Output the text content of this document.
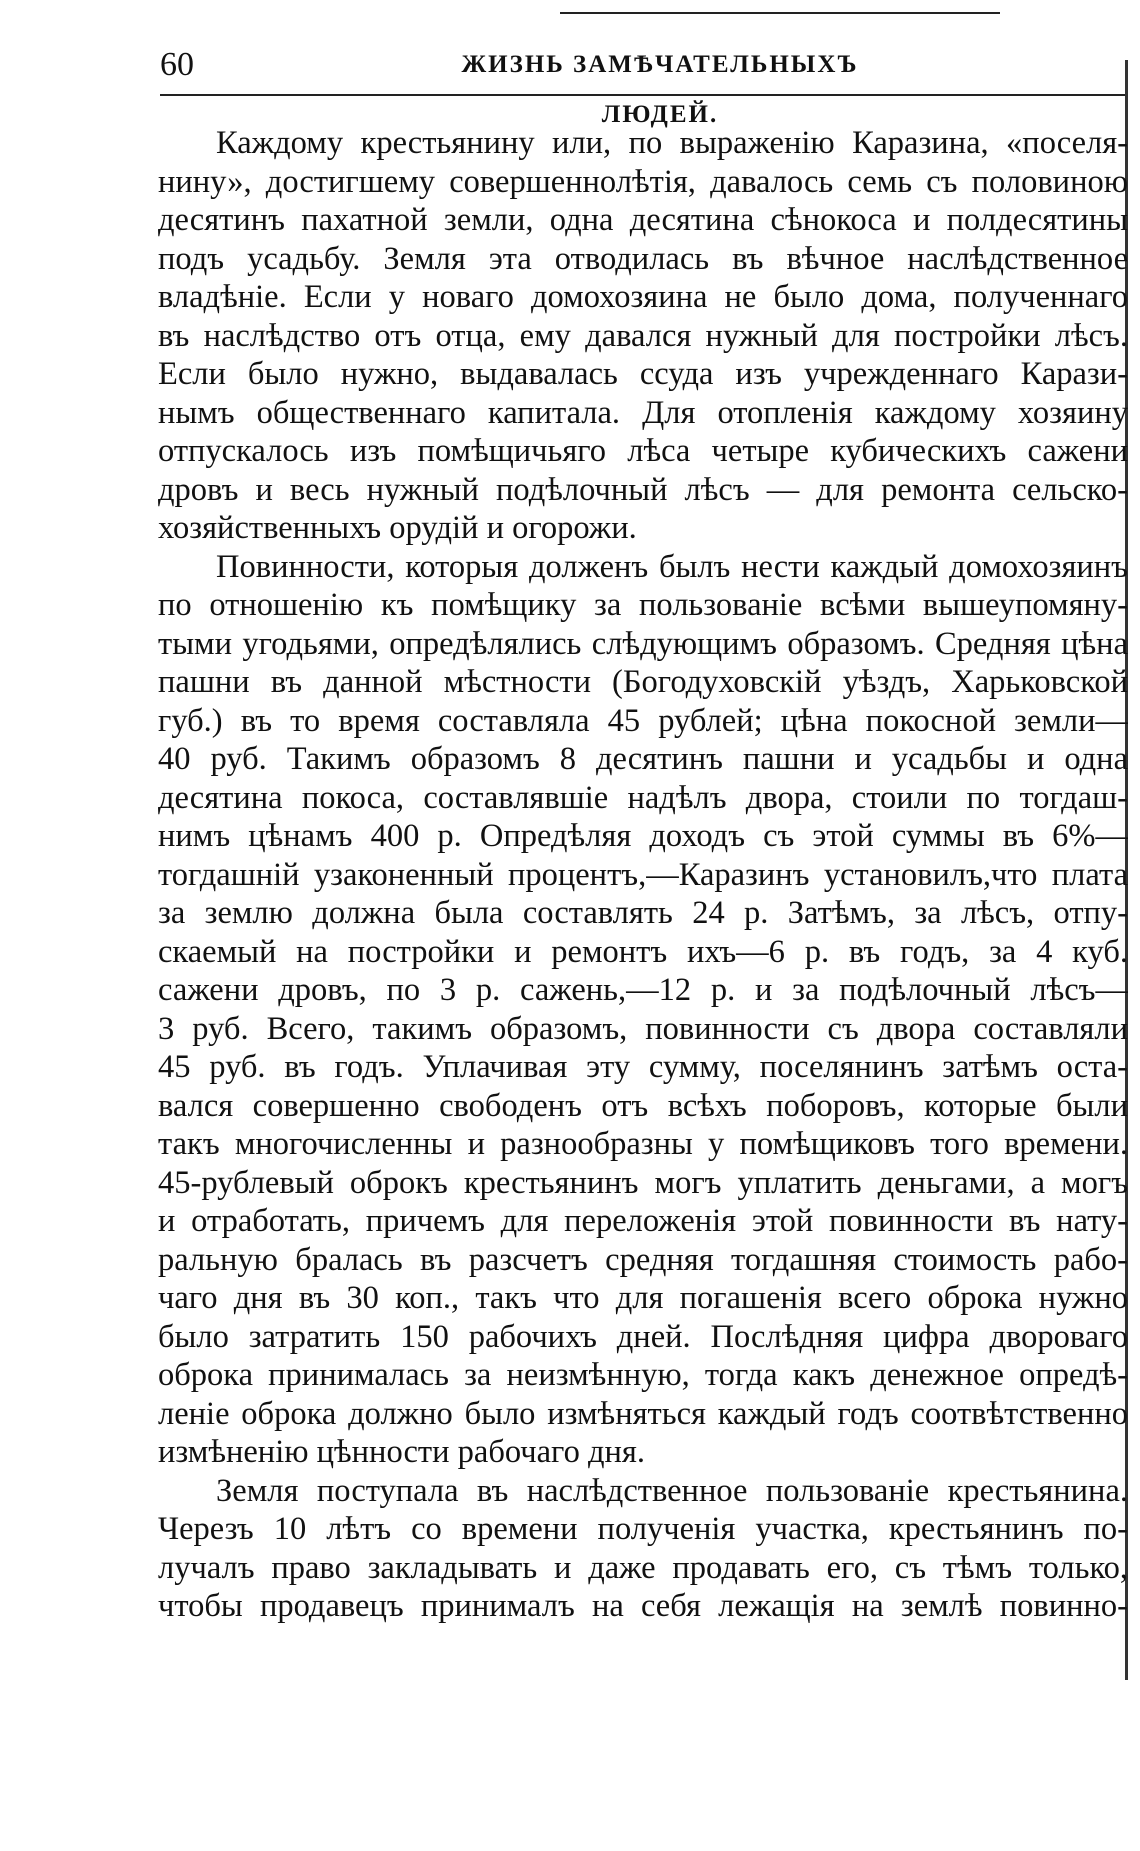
60	ЖИЗНЬ ЗАМѢЧАТЕЛЬНЫХЪ ЛЮДЕЙ.
Каждому крестьянину или, по выраженію Каразина, «поселя-
нину», достигшему совершеннолѣтія, давалось семь съ половиною
десятинъ пахатной земли, одна десятина сѣнокоса и полдесятины
подъ усадьбу. Земля эта отводилась въ вѣчное наслѣдственное
владѣніе. Если у новаго домохозяина не было дома, полученнаго
въ наслѣдство отъ отца, ему давался нужный для постройки лѣсъ.
Если было нужно, выдавалась ссуда изъ учрежденнаго Карази-
нымъ общественнаго капитала. Для отопленія каждому хозяину
отпускалось изъ помѣщичьяго лѣса четыре кубическихъ сажени
дровъ и весь нужный подѣлочный лѣсъ — для ремонта сельско-
хозяйственныхъ орудій и огорожи.
Повинности, которыя долженъ былъ нести каждый домохозяинъ
по отношенію къ помѣщику за пользованіе всѣми вышеупомяну-
тыми угодьями, опредѣлялись слѣдующимъ образомъ. Средняя цѣна
пашни въ данной мѣстности (Богодуховскій уѣздъ, Харьковской
губ.) въ то время составляла 45 рублей; цѣна покосной земли—
40 руб. Такимъ образомъ 8 десятинъ пашни и усадьбы и одна
десятина покоса, составлявшіе надѣлъ двора, стоили по тогдаш-
нимъ цѣнамъ 400 р. Опредѣляя доходъ съ этой суммы въ 6%—
тогдашній узаконенный процентъ,—Каразинъ установилъ,что плата
за землю должна была составлять 24 р. Затѣмъ, за лѣсъ, отпу-
скаемый на постройки и ремонтъ ихъ—6 р. въ годъ, за 4 куб.
сажени дровъ, по 3 р. сажень,—12 р. и за подѣлочный лѣсъ—
3 руб. Всего, такимъ образомъ, повинности съ двора составляли
45 руб. въ годъ. Уплачивая эту сумму, поселянинъ затѣмъ оста-
вался совершенно свободенъ отъ всѣхъ поборовъ, которые были
такъ многочисленны и разнообразны у помѣщиковъ того времени.
45-рублевый оброкъ крестьянинъ могъ уплатить деньгами, а могъ
и отработать, причемъ для переложенія этой повинности въ нату-
ральную бралась въ разсчетъ средняя тогдашняя стоимость рабо-
чаго дня въ 30 коп., такъ что для погашенія всего оброка нужно
было затратить 150 рабочихъ дней. Послѣдняя цифра двороваго
оброка принималась за неизмѣнную, тогда какъ денежное опредѣ-
леніе оброка должно было измѣняться каждый годъ соотвѣтственно
измѣненію цѣнности рабочаго дня.
Земля поступала въ наслѣдственное пользованіе крестьянина.
Черезъ 10 лѣтъ со времени полученія участка, крестьянинъ по-
лучалъ право закладывать и даже продавать его, съ тѣмъ только,
чтобы продавецъ принималъ на себя лежащія на землѣ повинно-
